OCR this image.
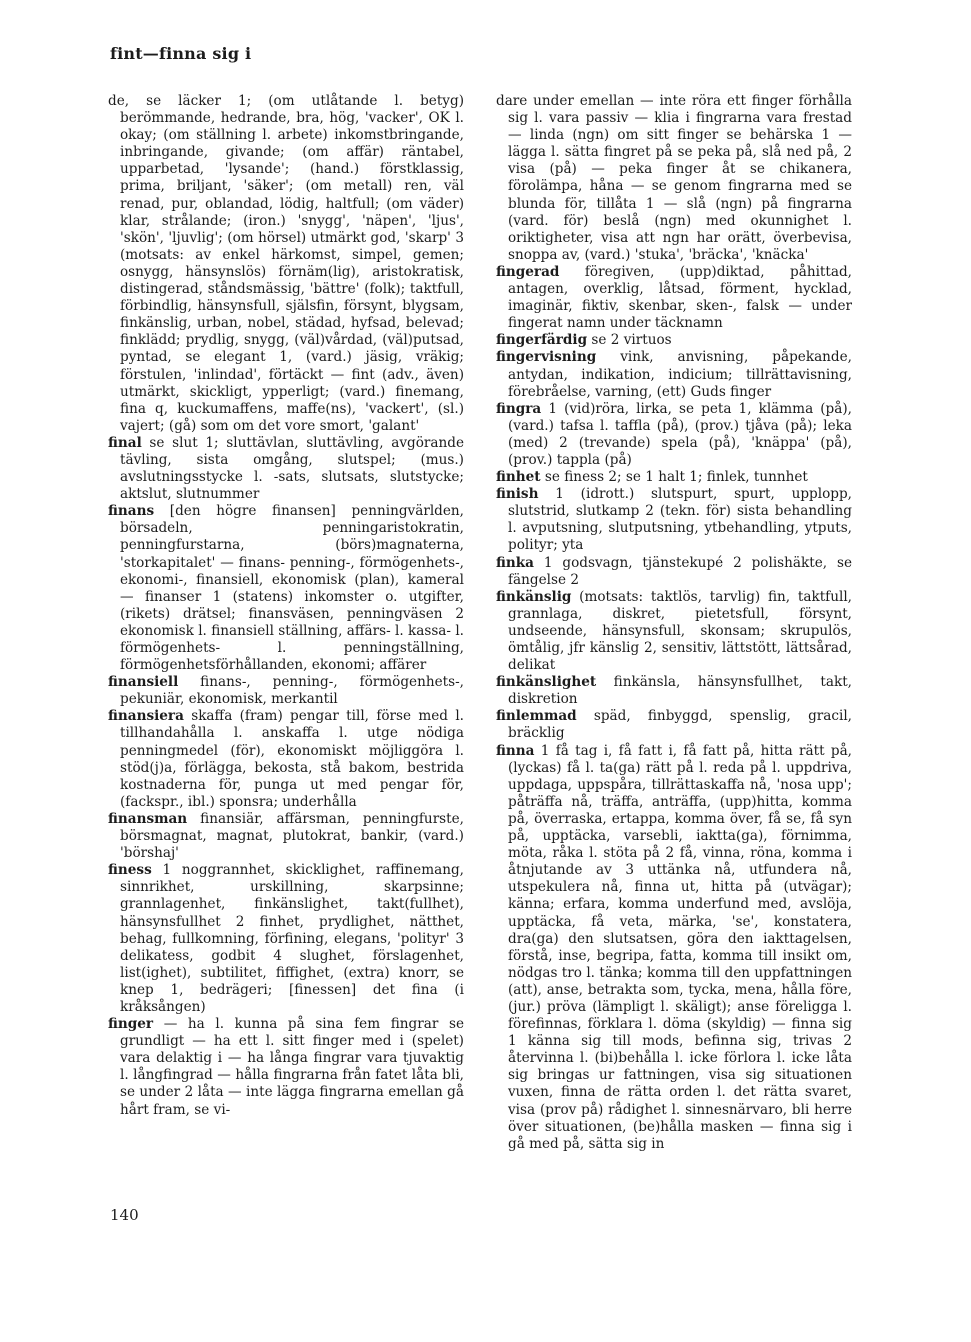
fint—finna sig i

de, se läcker 1; (om utlåtande l. betyg) berömmande, hedrande, bra, hög, 'vacker', OK l. okay; (om ställning l. arbete) inkomstbringande, inbringande, givande; (om affär) räntabel, upparbetad, 'lysande'; (hand.) förstklassig, prima, briljant, 'säker'; (om metall) ren, väl renad, pur, oblandad, lödig, haltfull; (om väder) klar, strålande; (iron.) 'snygg', 'näpen', 'ljus', 'skön', 'ljuvlig'; (om hörsel) utmärkt god, 'skarp' 3 (motsats: av enkel härkomst, simpel, gemen; osnygg, hänsynslös) förnäm(lig), aristokratisk, distingerad, ståndsmässig, 'bättre' (folk); taktfull, förbindlig, hänsynsfull, själsfin, försynt, blygsam, finkänslig, urban, nobel, städad, hyfsad, belevad; finklädd; prydlig, snygg, (väl)vårdad, (väl)putsad, pyntad, se elegant 1, (vard.) jäsig, vräkig; förstulen, 'inlindad', förtäckt — fint (adv., även) utmärkt, skickligt, ypperligt; (vard.) finemang, fina q, kuckumaffens, maffe(ns), 'vackert', (sl.) vajert; (gå) som om det vore smort, 'galant'

final se slut 1; sluttävlan, sluttävling, avgörande tävling, sista omgång, slutspel; (mus.) avslutningsstycke l. -sats, slutsats, slutstycke; aktslut, slutnummer

finans [den högre finansen] penningvärlden, börsadeln, penningaristokratin, penningfurstarna, (börs)magnaterna, 'storkapitalet' — finans- penning-, förmögenhets-, ekonomi-, finansiell, ekonomisk (plan), kameral — finanser 1 (statens) inkomster o. utgifter, (rikets) drätsel; finansväsen, penningväsen 2 ekonomisk l. finansiell ställning, affärs- l. kassa- l. förmögenhets- l. penningställning, förmögenhetsförhållanden, ekonomi; affärer

finansiell finans-, penning-, förmögenhets-, pekuniär, ekonomisk, merkantil

finansiera skaffa (fram) pengar till, förse med l. tillhandahålla l. anskaffa l. utge nödiga penningmedel (för), ekonomiskt möjliggöra l. stöd(j)a, förlägga, bekosta, stå bakom, bestrida kostnaderna för, punga ut med pengar för, (fackspr., ibl.) sponsra; underhålla

finansman finansiär, affärsman, penningfurste, börsmagnat, magnat, plutokrat, bankir, (vard.) 'börshaj'

finess 1 noggrannhet, skicklighet, raffinemang, sinnrikhet, urskillning, skarpsinne; grannlagenhet, finkänslighet, takt(fullhet), hänsynsfullhet 2 finhet, prydlighet, nätthet, behag, fullkomning, förfining, elegans, 'polityr' 3 delikatess, godbit 4 slughet, förslagenhet, list(ighet), subtilitet, fiffighet, (extra) knorr, se knep 1, bedrägeri; [finessen] det fina (i kråksången)

finger — ha l. kunna på sina fem fingrar se grundligt — ha ett l. sitt finger med i (spelet) vara delaktig i — ha långa fingrar vara tjuvaktig l. långfingrad — hålla fingrarna från fatet låta bli, se under 2 låta — inte lägga fingrarna emellan gå hårt fram, se vi-

dare under emellan — inte röra ett finger förhålla sig l. vara passiv — klia i fingrarna vara frestad — linda (ngn) om sitt finger se behärska 1 — lägga l. sätta fingret på se peka på, slå ned på, 2 visa (på) — peka finger åt se chikanera, förolämpa, håna — se genom fingrarna med se blunda för, tillåta 1 — slå (ngn) på fingrarna (vard. för) beslå (ngn) med okunnighet l. oriktigheter, visa att ngn har orätt, överbevisa, snoppa av, (vard.) 'stuka', 'bräcka', 'knäcka'

fingerad föregiven, (upp)diktad, påhittad, antagen, overklig, låtsad, förment, hycklad, imaginär, fiktiv, skenbar, sken-, falsk — under fingerat namn under täcknamn

fingerfärdig se 2 virtuos

fingervisning vink, anvisning, påpekande, antydan, indikation, indicium; tillrättavisning, förebråelse, varning, (ett) Guds finger

fingra 1 (vid)röra, lirka, se peta 1, klämma (på), (vard.) tafsa l. taffla (på), (prov.) tjåva (på); leka (med) 2 (trevande) spela (på), 'knäppa' (på), (prov.) tappla (på)

finhet se finess 2; se 1 halt 1; finlek, tunnhet

finish 1 (idrott.) slutspurt, spurt, upplopp, slutstrid, slutkamp 2 (tekn. för) sista behandling l. avputsning, slutputsning, ytbehandling, ytputs, polityr; yta

finka 1 godsvagn, tjänstekupé 2 polishäkte, se fängelse 2

finkänslig (motsats: taktlös, tarvlig) fin, taktfull, grannlaga, diskret, pietetsfull, försynt, undseende, hänsynsfull, skonsam; skrupulös, ömtålig, jfr känslig 2, sensitiv, lättstött, lättsårad, delikat

finkänslighet finkänsla, hänsynsfullhet, takt, diskretion

finlemmad späd, finbyggd, spenslig, gracil, bräcklig

finna 1 få tag i, få fatt i, få fatt på, hitta rätt på, (lyckas) få l. ta(ga) rätt på l. reda på l. uppdriva, uppdaga, uppspåra, tillrättaskaffa nå, 'nosa upp'; påträffa nå, träffa, anträffa, (upp)hitta, komma på, överraska, ertappa, komma över, få se, få syn på, upptäcka, varsebli, iaktta(ga), förnimma, möta, råka l. stöta på 2 få, vinna, röna, komma i åtnjutande av 3 uttänka nå, utfundera nå, utspekulera nå, finna ut, hitta på (utvägar); känna; erfara, komma underfund med, avslöja, upptäcka, få veta, märka, 'se', konstatera, dra(ga) den slutsatsen, göra den iakttagelsen, förstå, inse, begripa, fatta, komma till insikt om, nödgas tro l. tänka; komma till den uppfattningen (att), anse, betrakta som, tycka, mena, hålla före, (jur.) pröva (lämpligt l. skäligt); anse föreligga l. förefinnas, förklara l. döma (skyldig) — finna sig 1 känna sig till mods, befinna sig, trivas 2 återvinna l. (bi)behålla l. icke förlora l. icke låta sig bringas ur fattningen, visa sig situationen vuxen, finna de rätta orden l. det rätta svaret, visa (prov på) rådighet l. sinnesnärvaro, bli herre över situationen, (be)hålla masken — finna sig i gå med på, sätta sig in

140
